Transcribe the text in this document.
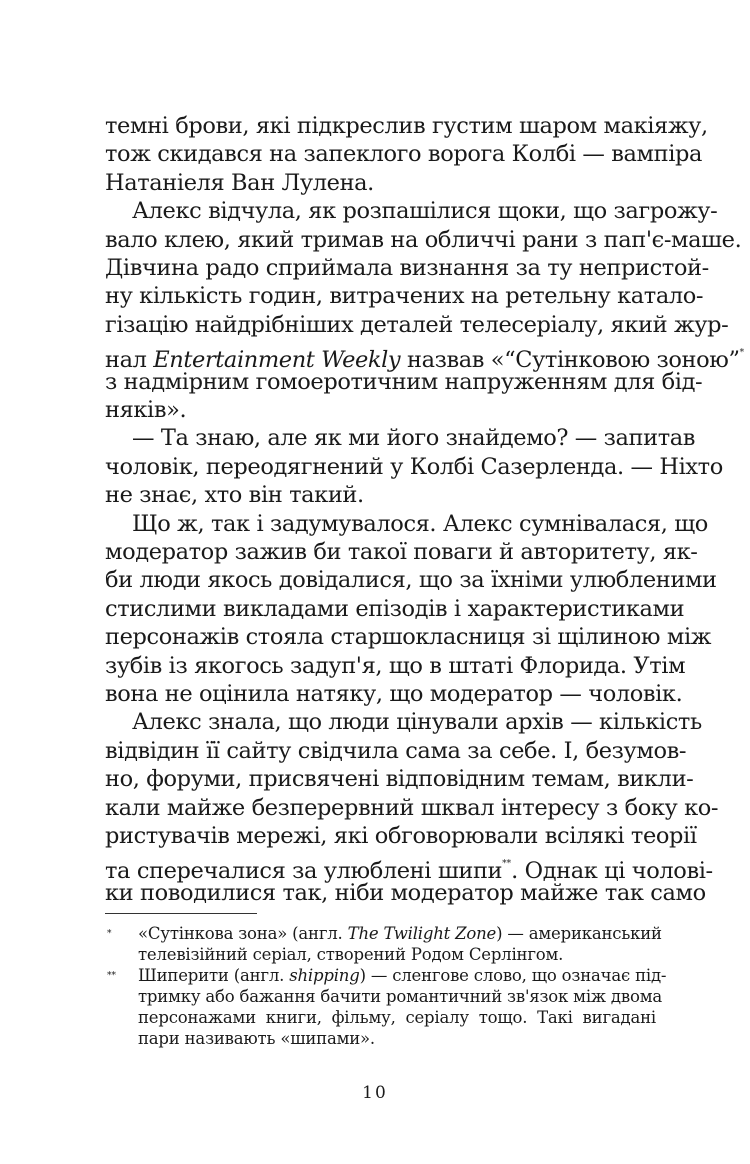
темні брови, які підкреслив густим шаром макіяжу,
тож скидався на запеклого ворога Колбі — вампіра
Натаніеля Ван Лулена.
Алекс відчула, як розпашілися щоки, що загрожу-
вало клею, який тримав на обличчі рани з пап'є-маше.
Дівчина радо сприймала визнання за ту непристой-
ну кількість годин, витрачених на ретельну катало-
гізацію найдрібніших деталей телесеріалу, який жур-
нал Entertainment Weekly назвав «“Сутінковою зоною”*
з надмірним гомоеротичним напруженням для бід-
няків».
— Та знаю, але як ми його знайдемо? — запитав
чоловік, переодягнений у Колбі Сазерленда. — Ніхто
не знає, хто він такий.
Що ж, так і задумувалося. Алекс сумнівалася, що
модератор зажив би такої поваги й авторитету, як-
би люди якось довідалися, що за їхніми улюбленими
стислими викладами епізодів і характеристиками
персонажів стояла старшокласниця зі щілиною між
зубів із якогось задуп'я, що в штаті Флорида. Утім
вона не оцінила натяку, що модератор — чоловік.
Алекс знала, що люди цінували архів — кількість
відвідин її сайту свідчила сама за себе. І, безумов-
но, форуми, присвячені відповідним темам, викли-
кали майже безперервний шквал інтересу з боку ко-
ристувачів мережі, які обговорювали всілякі теорії
та сперечалися за улюблені шипи**. Однак ці чолові-
ки поводилися так, ніби модератор майже так само
* «Сутінкова зона» (англ. The Twilight Zone) — американський
телевізійний серіал, створений Родом Серлінгом.
** Шиперити (англ. shipping) — сленгове слово, що означає під-
тримку або бажання бачити романтичний зв'язок між двома
персонажами книги, фільму, серіалу тощо. Такі вигадані
пари називають «шипами».
10
